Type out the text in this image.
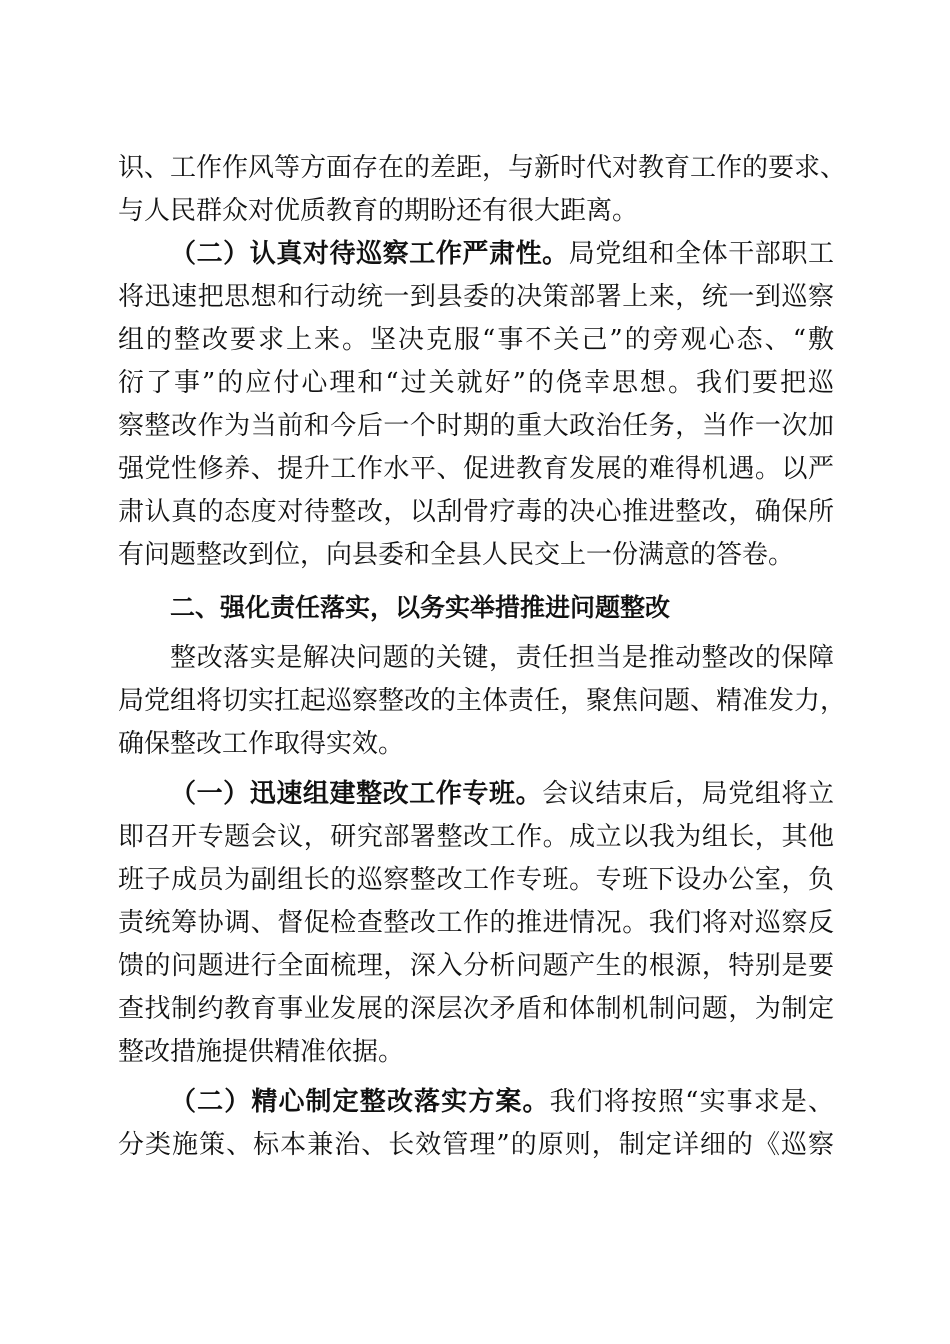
识、工作作风等方面存在的差距，与新时代对教育工作的要求、
与人民群众对优质教育的期盼还有很大距离。
（二）认真对待巡察工作严肃性。局党组和全体干部职工
将迅速把思想和行动统一到县委的决策部署上来，统一到巡察
组的整改要求上来。坚决克服“事不关己”的旁观心态、“敷
衍了事”的应付心理和“过关就好”的侥幸思想。我们要把巡
察整改作为当前和今后一个时期的重大政治任务，当作一次加
强党性修养、提升工作水平、促进教育发展的难得机遇。以严
肃认真的态度对待整改，以刮骨疗毒的决心推进整改，确保所
有问题整改到位，向县委和全县人民交上一份满意的答卷。
二、强化责任落实，以务实举措推进问题整改
整改落实是解决问题的关键，责任担当是推动整改的保障
局党组将切实扛起巡察整改的主体责任，聚焦问题、精准发力，
确保整改工作取得实效。
（一）迅速组建整改工作专班。会议结束后，局党组将立
即召开专题会议，研究部署整改工作。成立以我为组长，其他
班子成员为副组长的巡察整改工作专班。专班下设办公室，负
责统筹协调、督促检查整改工作的推进情况。我们将对巡察反
馈的问题进行全面梳理，深入分析问题产生的根源，特别是要
查找制约教育事业发展的深层次矛盾和体制机制问题，为制定
整改措施提供精准依据。
（二）精心制定整改落实方案。我们将按照“实事求是、
分类施策、标本兼治、长效管理”的原则，制定详细的《巡察
